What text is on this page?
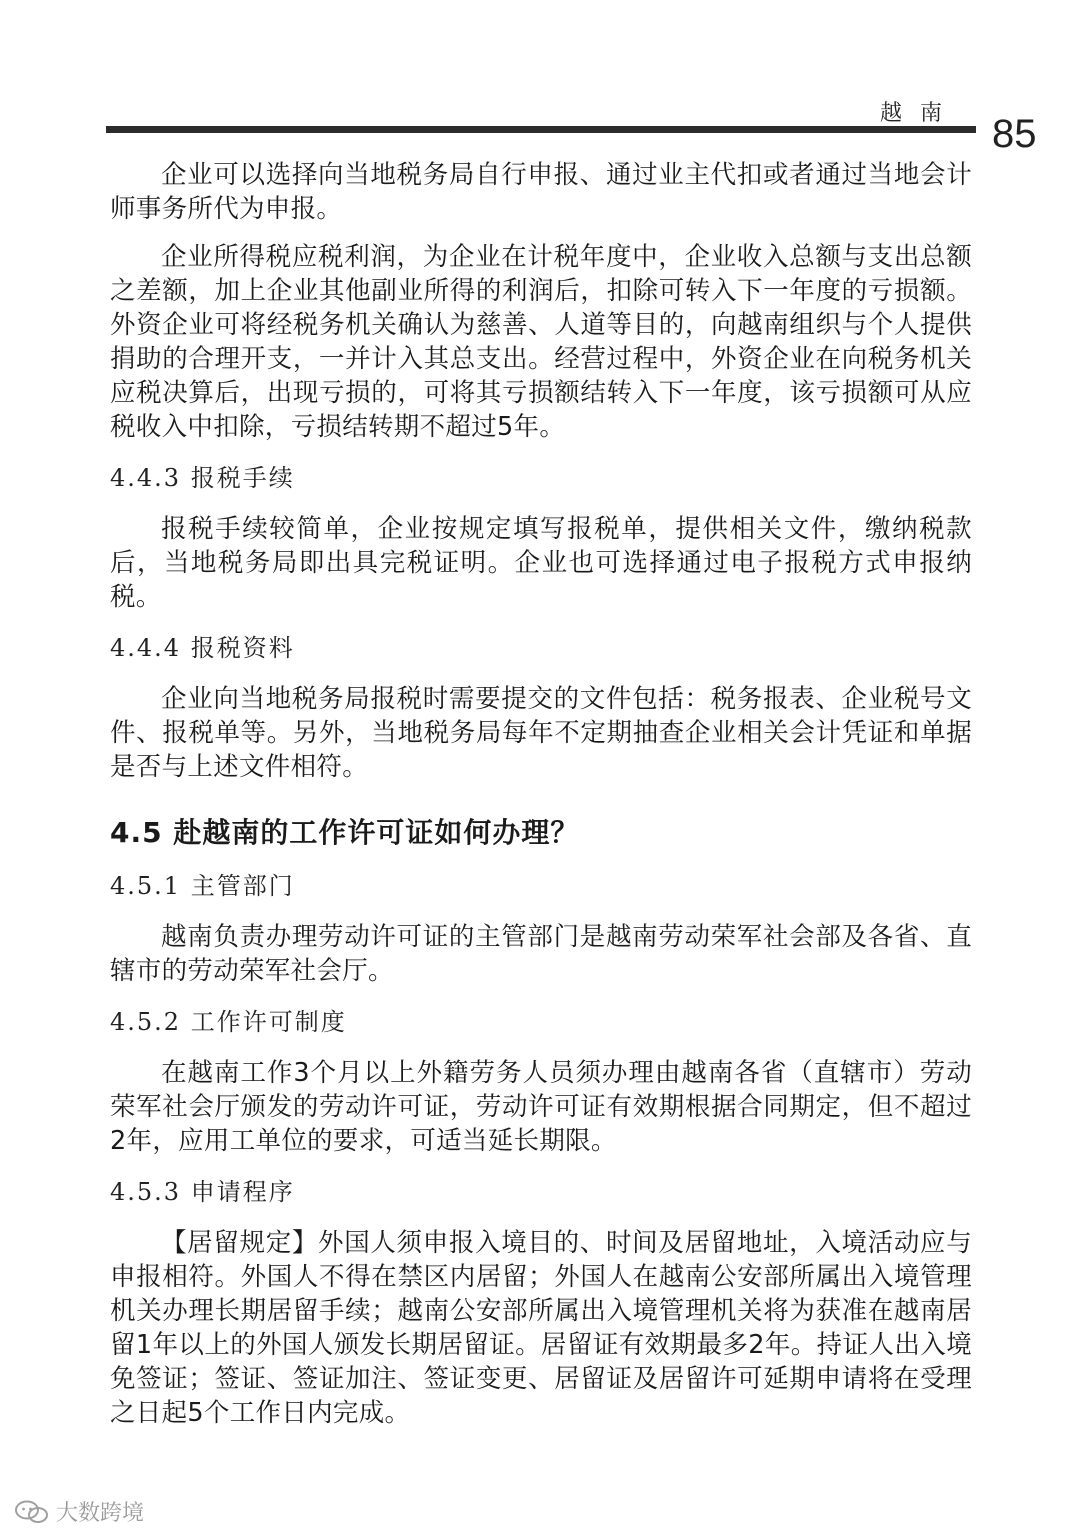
越南 85

企业可以选择向当地税务局自行申报、通过业主代扣或者通过当地会计师事务所代为申报。

企业所得税应税利润，为企业在计税年度中，企业收入总额与支出总额之差额，加上企业其他副业所得的利润后，扣除可转入下一年度的亏损额。外资企业可将经税务机关确认为慈善、人道等目的，向越南组织与个人提供捐助的合理开支，一并计入其总支出。经营过程中，外资企业在向税务机关应税决算后，出现亏损的，可将其亏损额结转入下一年度，该亏损额可从应税收入中扣除，亏损结转期不超过5年。

4.4.3 报税手续

报税手续较简单，企业按规定填写报税单，提供相关文件，缴纳税款后，当地税务局即出具完税证明。企业也可选择通过电子报税方式申报纳税。

4.4.4 报税资料

企业向当地税务局报税时需要提交的文件包括：税务报表、企业税号文件、报税单等。另外，当地税务局每年不定期抽查企业相关会计凭证和单据是否与上述文件相符。

4.5 赴越南的工作许可证如何办理？

4.5.1 主管部门

越南负责办理劳动许可证的主管部门是越南劳动荣军社会部及各省、直辖市的劳动荣军社会厅。

4.5.2 工作许可制度

在越南工作3个月以上外籍劳务人员须办理由越南各省（直辖市）劳动荣军社会厅颁发的劳动许可证，劳动许可证有效期根据合同期定，但不超过2年，应用工单位的要求，可适当延长期限。

4.5.3 申请程序

【居留规定】外国人须申报入境目的、时间及居留地址，入境活动应与申报相符。外国人不得在禁区内居留；外国人在越南公安部所属出入境管理机关办理长期居留手续；越南公安部所属出入境管理机关将为获准在越南居留1年以上的外国人颁发长期居留证。居留证有效期最多2年。持证人出入境免签证；签证、签证加注、签证变更、居留证及居留许可延期申请将在受理之日起5个工作日内完成。

大数跨境
